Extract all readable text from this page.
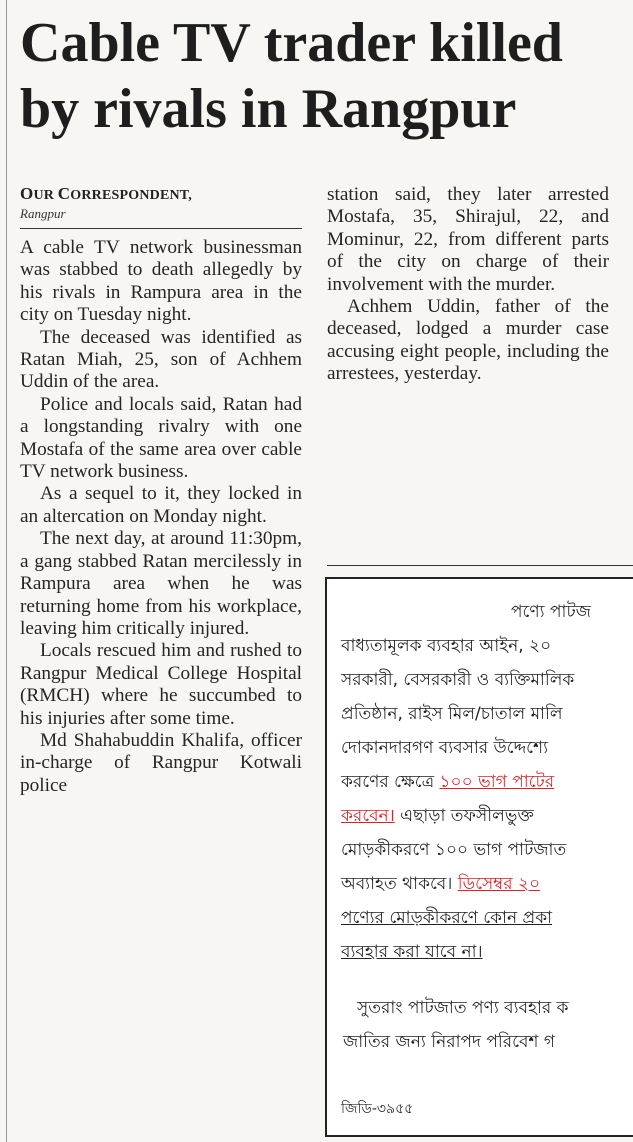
Cable TV trader killed
by rivals in Rangpur
OUR CORRESPONDENT,
Rangpur

A cable TV network businessman was stabbed to death allegedly by his rivals in Rampura area in the city on Tuesday night.

The deceased was identified as Ratan Miah, 25, son of Achhem Uddin of the area.

Police and locals said, Ratan had a longstanding rivalry with one Mostafa of the same area over cable TV network business.

As a sequel to it, they locked in an altercation on Monday night.

The next day, at around 11:30pm, a gang stabbed Ratan mercilessly in Rampura area when he was returning home from his workplace, leaving him critically injured.

Locals rescued him and rushed to Rangpur Medical College Hospital (RMCH) where he succumbed to his injuries after some time.

Md Shahabuddin Khalifa, officer in-charge of Rangpur Kotwali police

station said, they later arrested Mostafa, 35, Shirajul, 22, and Mominur, 22, from different parts of the city on charge of their involvement with the murder.

Achhem Uddin, father of the deceased, lodged a murder case accusing eight people, including the arrestees, yesterday.

পণ্যে পাটজ
বাধ্যতামূলক ব্যবহার আইন, ২০
সরকারী, বেসরকারী ও ব্যক্তিমালিক
প্রতিষ্ঠান, রাইস মিল/চাতাল মালি
দোকানদারগণ ব্যবসার উদ্দেশ্যে
করণের ক্ষেত্রে ১০০ ভাগ পাটের
করবেন। এছাড়া তফসীলভুক্ত
মোড়কীকরণে ১০০ ভাগ পাটজাত
অব্যাহত থাকবে। ডিসেম্বর ২০
পণ্যের মোড়কীকরণে কোন প্রকা
ব্যবহার করা যাবে না।
সুতরাং পাটজাত পণ্য ব্যবহার ক
জাতির জন্য নিরাপদ পরিবেশ গ
জিডি-৩৯৫৫
